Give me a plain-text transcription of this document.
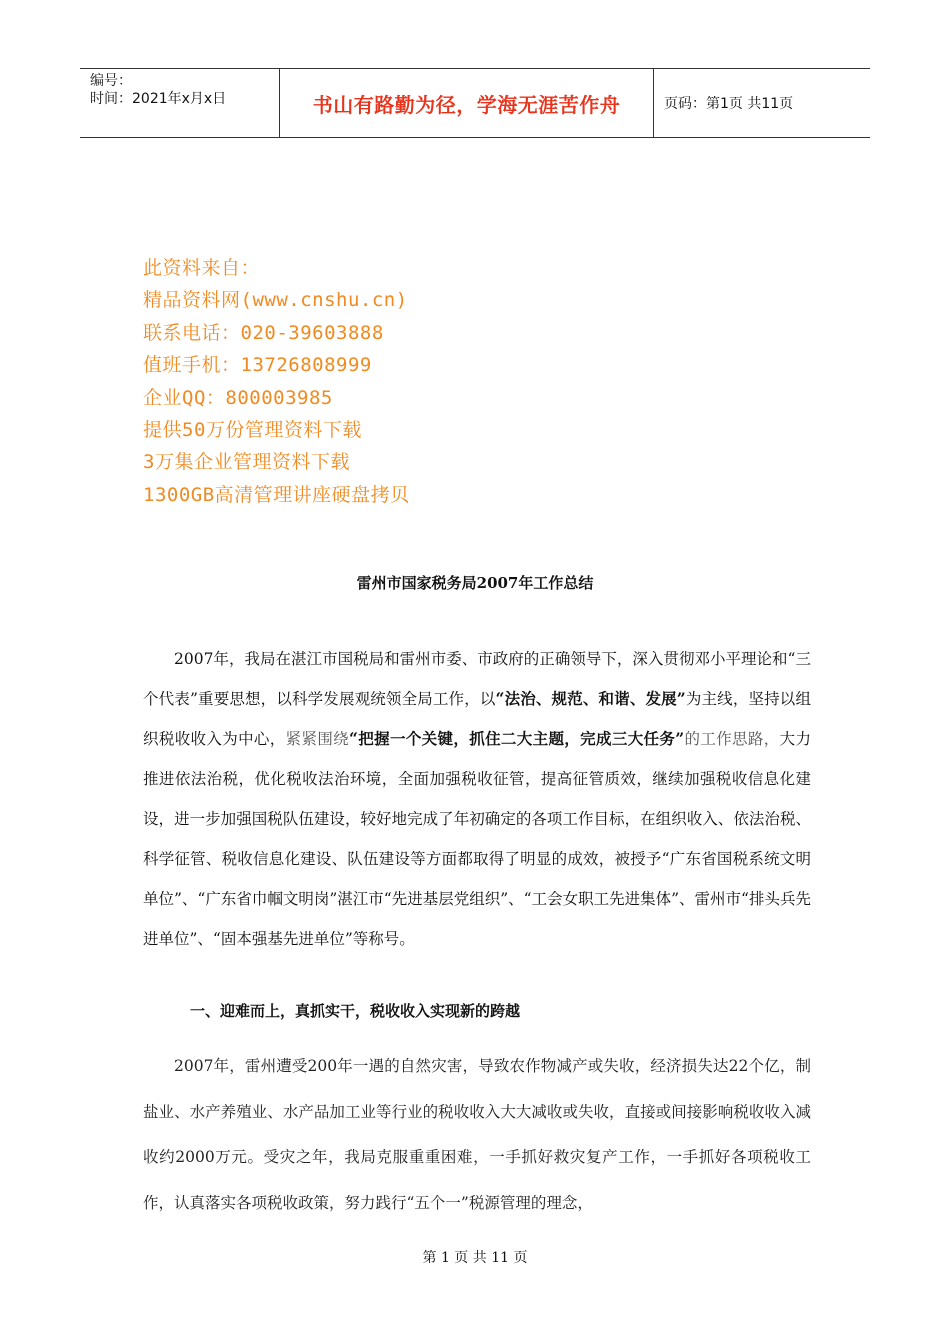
编号：
时间：2021年x月x日	书山有路勤为径，学海无涯苦作舟	页码：第1页 共11页
此资料来自：
精品资料网(www.cnshu.cn)
联系电话：020-39603888
值班手机：13726808999
企业QQ：800003985
提供50万份管理资料下载
3万集企业管理资料下载
1300GB高清管理讲座硬盘拷贝
雷州市国家税务局2007年工作总结
2007年，我局在湛江市国税局和雷州市委、市政府的正确领导下，深入贯彻邓小平理论和“三个代表”重要思想，以科学发展观统领全局工作，以“法治、规范、和谐、发展”为主线，坚持以组织税收收入为中心，紧紧围绕“把握一个关键，抓住二大主题，完成三大任务”的工作思路，大力推进依法治税，优化税收法治环境，全面加强税收征管，提高征管质效，继续加强税收信息化建设，进一步加强国税队伍建设，较好地完成了年初确定的各项工作目标，在组织收入、依法治税、科学征管、税收信息化建设、队伍建设等方面都取得了明显的成效，被授予“广东省国税系统文明单位”、“广东省巾帼文明岗”湛江市“先进基层党组织”、“工会女职工先进集体”、雷州市“排头兵先进单位”、“固本强基先进单位”等称号。
一、迎难而上，真抓实干，税收收入实现新的跨越
2007年，雷州遭受200年一遇的自然灾害，导致农作物减产或失收，经济损失达22个亿，制盐业、水产养殖业、水产品加工业等行业的税收收入大大减收或失收，直接或间接影响税收收入减收约2000万元。受灾之年，我局克服重重困难，一手抓好救灾复产工作，一手抓好各项税收工作，认真落实各项税收政策，努力践行“五个一”税源管理的理念，
第 1 页 共 11 页
